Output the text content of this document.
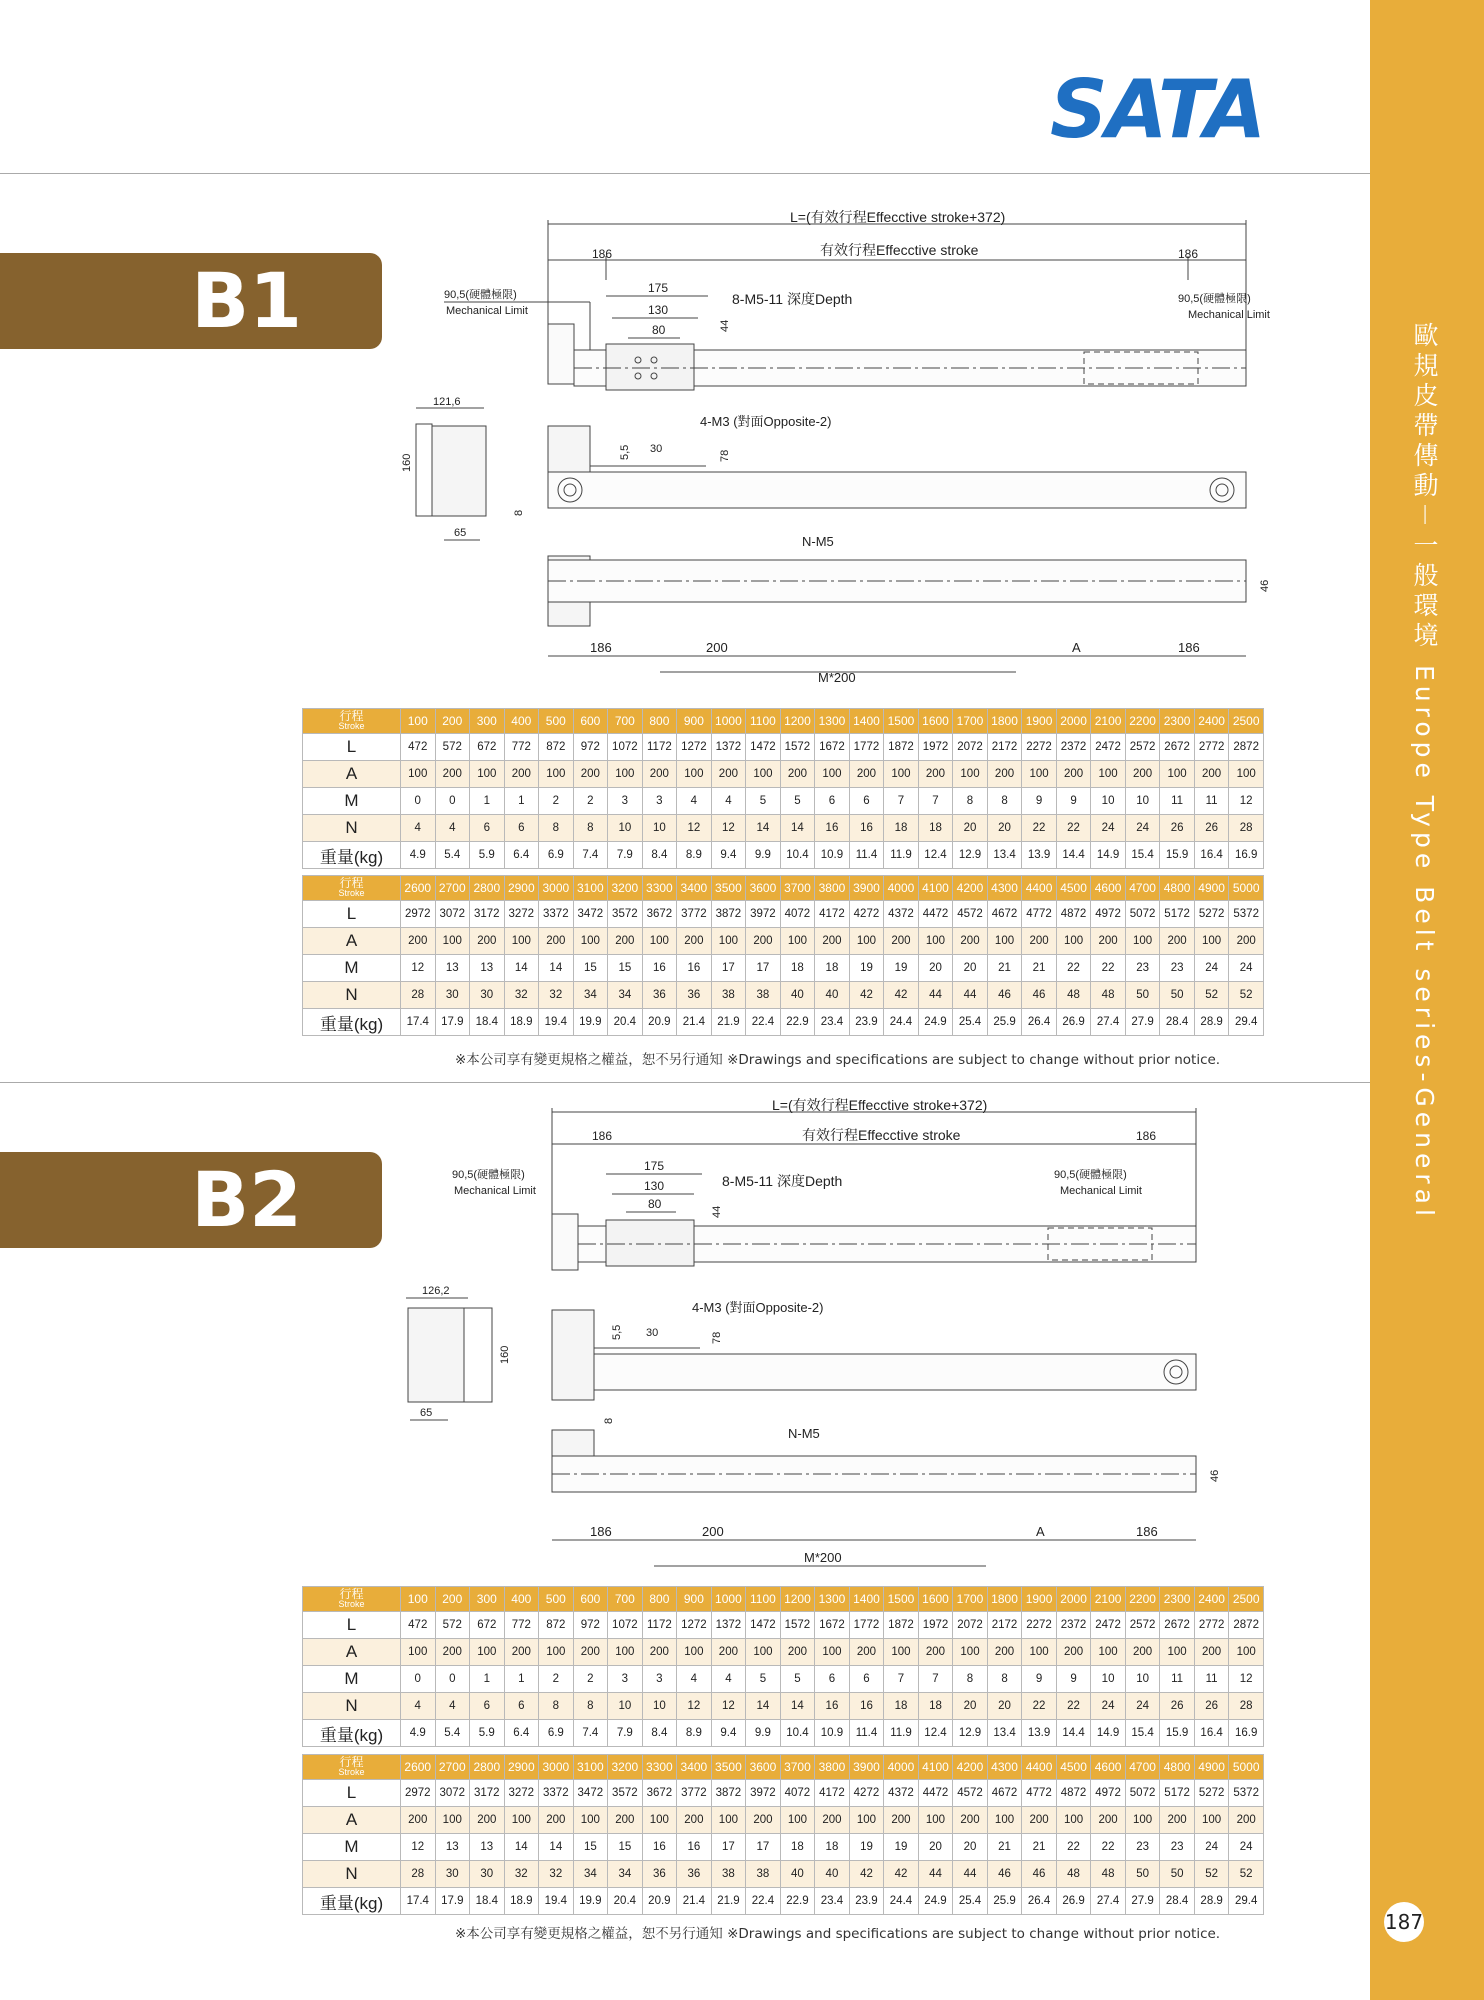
歐規皮帶傳動－一般環境 Europe Type Belt series-General
187
SATA
B1
L=(有效行程Effecctive stroke+372)
有效行程Effecctive stroke
186	186
90,5(硬體極限)
Mechanical Limit
90,5(硬體極限)
Mechanical Limit
175
130
80
8-M5-11 深度Depth
44
121,6
160
65
4-M3 (對面Opposite-2)
5,5 30
78
8
N-M5
46
186	200	A	186
M*200
行程
Stroke	100	200	300	400	500	600	700	800	900	1000	1100	1200	1300	1400	1500	1600	1700	1800	1900	2000	2100	2200	2300	2400	2500
L	472	572	672	772	872	972	1072	1172	1272	1372	1472	1572	1672	1772	1872	1972	2072	2172	2272	2372	2472	2572	2672	2772	2872
A	100	200	100	200	100	200	100	200	100	200	100	200	100	200	100	200	100	200	100	200	100	200	100	200	100
M	0	0	1	1	2	2	3	3	4	4	5	5	6	6	7	7	8	8	9	9	10	10	11	11	12
N	4	4	6	6	8	8	10	10	12	12	14	14	16	16	18	18	20	20	22	22	24	24	26	26	28
重量(kg)	4.9	5.4	5.9	6.4	6.9	7.4	7.9	8.4	8.9	9.4	9.9	10.4	10.9	11.4	11.9	12.4	12.9	13.4	13.9	14.4	14.9	15.4	15.9	16.4	16.9
行程
Stroke	2600	2700	2800	2900	3000	3100	3200	3300	3400	3500	3600	3700	3800	3900	4000	4100	4200	4300	4400	4500	4600	4700	4800	4900	5000
L	2972	3072	3172	3272	3372	3472	3572	3672	3772	3872	3972	4072	4172	4272	4372	4472	4572	4672	4772	4872	4972	5072	5172	5272	5372
A	200	100	200	100	200	100	200	100	200	100	200	100	200	100	200	100	200	100	200	100	200	100	200	100	200
M	12	13	13	14	14	15	15	16	16	17	17	18	18	19	19	20	20	21	21	22	22	23	23	24	24
N	28	30	30	32	32	34	34	36	36	38	38	40	40	42	42	44	44	46	46	48	48	50	50	52	52
重量(kg)	17.4	17.9	18.4	18.9	19.4	19.9	20.4	20.9	21.4	21.9	22.4	22.9	23.4	23.9	24.4	24.9	25.4	25.9	26.4	26.9	27.4	27.9	28.4	28.9	29.4
※本公司享有變更規格之權益，恕不另行通知 ※Drawings and specifications are subject to change without prior notice.
B2
L=(有效行程Effecctive stroke+372)
有效行程Effecctive stroke
186	186
90,5(硬體極限)
Mechanical Limit
90,5(硬體極限)
Mechanical Limit
175
130
80
8-M5-11 深度Depth
44
126,2
160
65
4-M3 (對面Opposite-2)
5,5 30	78
8
N-M5
46
186	200	A	186
M*200
行程
Stroke	100	200	300	400	500	600	700	800	900	1000	1100	1200	1300	1400	1500	1600	1700	1800	1900	2000	2100	2200	2300	2400	2500
L	472	572	672	772	872	972	1072	1172	1272	1372	1472	1572	1672	1772	1872	1972	2072	2172	2272	2372	2472	2572	2672	2772	2872
A	100	200	100	200	100	200	100	200	100	200	100	200	100	200	100	200	100	200	100	200	100	200	100	200	100
M	0	0	1	1	2	2	3	3	4	4	5	5	6	6	7	7	8	8	9	9	10	10	11	11	12
N	4	4	6	6	8	8	10	10	12	12	14	14	16	16	18	18	20	20	22	22	24	24	26	26	28
重量(kg)	4.9	5.4	5.9	6.4	6.9	7.4	7.9	8.4	8.9	9.4	9.9	10.4	10.9	11.4	11.9	12.4	12.9	13.4	13.9	14.4	14.9	15.4	15.9	16.4	16.9
行程
Stroke	2600	2700	2800	2900	3000	3100	3200	3300	3400	3500	3600	3700	3800	3900	4000	4100	4200	4300	4400	4500	4600	4700	4800	4900	5000
L	2972	3072	3172	3272	3372	3472	3572	3672	3772	3872	3972	4072	4172	4272	4372	4472	4572	4672	4772	4872	4972	5072	5172	5272	5372
A	200	100	200	100	200	100	200	100	200	100	200	100	200	100	200	100	200	100	200	100	200	100	200	100	200
M	12	13	13	14	14	15	15	16	16	17	17	18	18	19	19	20	20	21	21	22	22	23	23	24	24
N	28	30	30	32	32	34	34	36	36	38	38	40	40	42	42	44	44	46	46	48	48	50	50	52	52
重量(kg)	17.4	17.9	18.4	18.9	19.4	19.9	20.4	20.9	21.4	21.9	22.4	22.9	23.4	23.9	24.4	24.9	25.4	25.9	26.4	26.9	27.4	27.9	28.4	28.9	29.4
※本公司享有變更規格之權益，恕不另行通知 ※Drawings and specifications are subject to change without prior notice.
